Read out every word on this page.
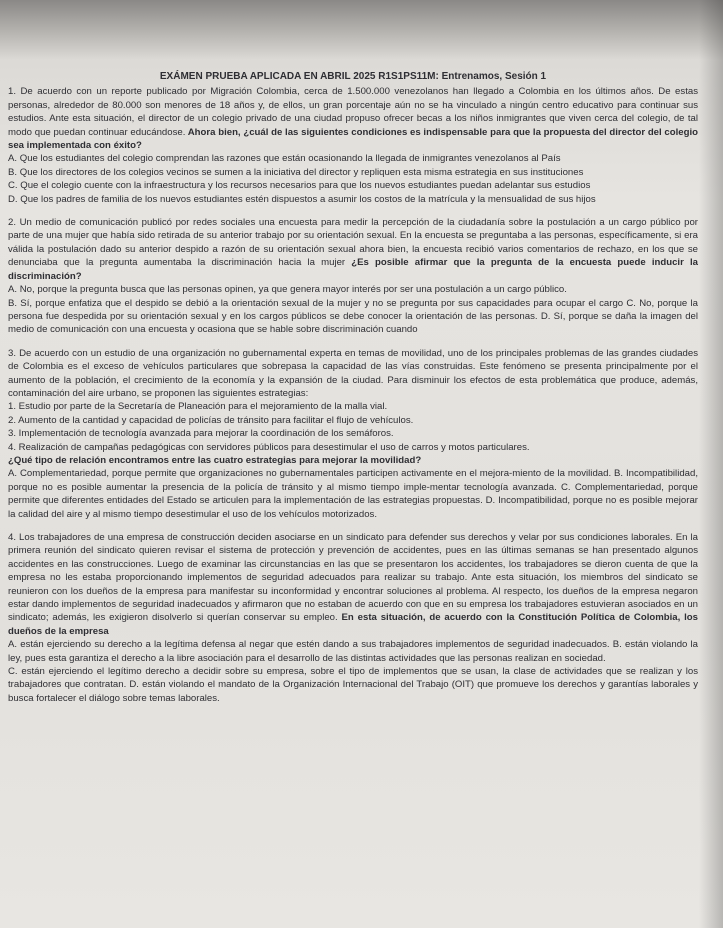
EXÁMEN PRUEBA APLICADA EN ABRIL 2025 R1S1PS11M: Entrenamos, Sesión 1

1. De acuerdo con un reporte publicado por Migración Colombia, cerca de 1.500.000 venezolanos han llegado a Colombia en los últimos años. De estas personas, alrededor de 80.000 son menores de 18 años y, de ellos, un gran porcentaje aún no se ha vinculado a ningún centro educativo para continuar sus estudios. Ante esta situación, el director de un colegio privado de una ciudad propuso ofrecer becas a los niños inmigrantes que viven cerca del colegio, de tal modo que puedan continuar educándose. Ahora bien, ¿cuál de las siguientes condiciones es indispensable para que la propuesta del director del colegio sea implementada con éxito?

A. Que los estudiantes del colegio comprendan las razones que están ocasionando la llegada de inmigrantes venezolanos al País

B. Que los directores de los colegios vecinos se sumen a la iniciativa del director y repliquen esta misma estrategia en sus instituciones

C. Que el colegio cuente con la infraestructura y los recursos necesarios para que los nuevos estudiantes puedan adelantar sus estudios

D. Que los padres de familia de los nuevos estudiantes estén dispuestos a asumir los costos de la matrícula y la mensualidad de sus hijos

2. Un medio de comunicación publicó por redes sociales una encuesta para medir la percepción de la ciudadanía sobre la postulación a un cargo público por parte de una mujer que había sido retirada de su anterior trabajo por su orientación sexual. En la encuesta se preguntaba a las personas, específicamente, si era válida la postulación dado su anterior despido a razón de su orientación sexual ahora bien, la encuesta recibió varios comentarios de rechazo, en los que se denunciaba que la pregunta aumentaba la discriminación hacia la mujer ¿Es posible afirmar que la pregunta de la encuesta puede inducir la discriminación?

A. No, porque la pregunta busca que las personas opinen, ya que genera mayor interés por ser una postulación a un cargo público.

B. Sí, porque enfatiza que el despido se debió a la orientación sexual de la mujer y no se pregunta por sus capacidades para ocupar el cargo C. No, porque la persona fue despedida por su orientación sexual y en los cargos públicos se debe conocer la orientación de las personas. D. Sí, porque se daña la imagen del medio de comunicación con una encuesta y ocasiona que se hable sobre discriminación cuando

3. De acuerdo con un estudio de una organización no gubernamental experta en temas de movilidad, uno de los principales problemas de las grandes ciudades de Colombia es el exceso de vehículos particulares que sobrepasa la capacidad de las vías construidas. Este fenómeno se presenta principalmente por el aumento de la población, el crecimiento de la economía y la expansión de la ciudad. Para disminuir los efectos de esta problemática que produce, además, contaminación del aire urbano, se proponen las siguientes estrategias:

1. Estudio por parte de la Secretaría de Planeación para el mejoramiento de la malla vial.

2. Aumento de la cantidad y capacidad de policías de tránsito para facilitar el flujo de vehículos.

3. Implementación de tecnología avanzada para mejorar la coordinación de los semáforos.

4. Realización de campañas pedagógicas con servidores públicos para desestimular el uso de carros y motos particulares.

¿Qué tipo de relación encontramos entre las cuatro estrategias para mejorar la movilidad?

A. Complementariedad, porque permite que organizaciones no gubernamentales participen activamente en el mejora-miento de la movilidad. B. Incompatibilidad, porque no es posible aumentar la presencia de la policía de tránsito y al mismo tiempo imple-mentar tecnología avanzada. C. Complementariedad, porque permite que diferentes entidades del Estado se articulen para la implementación de las estrategias propuestas. D. Incompatibilidad, porque no es posible mejorar la calidad del aire y al mismo tiempo desestimular el uso de los vehículos motorizados.

4. Los trabajadores de una empresa de construcción deciden asociarse en un sindicato para defender sus derechos y velar por sus condiciones laborales. En la primera reunión del sindicato quieren revisar el sistema de protección y prevención de accidentes, pues en las últimas semanas se han presentado algunos accidentes en las construcciones. Luego de examinar las circunstancias en las que se presentaron los accidentes, los trabajadores se dieron cuenta de que la empresa no les estaba proporcionando implementos de seguridad adecuados para realizar su trabajo. Ante esta situación, los miembros del sindicato se reunieron con los dueños de la empresa para manifestar su inconformidad y encontrar soluciones al problema. Al respecto, los dueños de la empresa negaron estar dando implementos de seguridad inadecuados y afirmaron que no estaban de acuerdo con que en su empresa los trabajadores estuvieran asociados en un sindicato; además, les exigieron disolverlo si querían conservar su empleo. En esta situación, de acuerdo con la Constitución Política de Colombia, los dueños de la empresa

A. están ejerciendo su derecho a la legítima defensa al negar que estén dando a sus trabajadores implementos de seguridad inadecuados. B. están violando la ley, pues esta garantiza el derecho a la libre asociación para el desarrollo de las distintas actividades que las personas realizan en sociedad.

C. están ejerciendo el legítimo derecho a decidir sobre su empresa, sobre el tipo de implementos que se usan, la clase de actividades que se realizan y los trabajadores que contratan. D. están violando el mandato de la Organización Internacional del Trabajo (OIT) que promueve los derechos y garantías laborales y busca fortalecer el diálogo sobre temas laborales.
